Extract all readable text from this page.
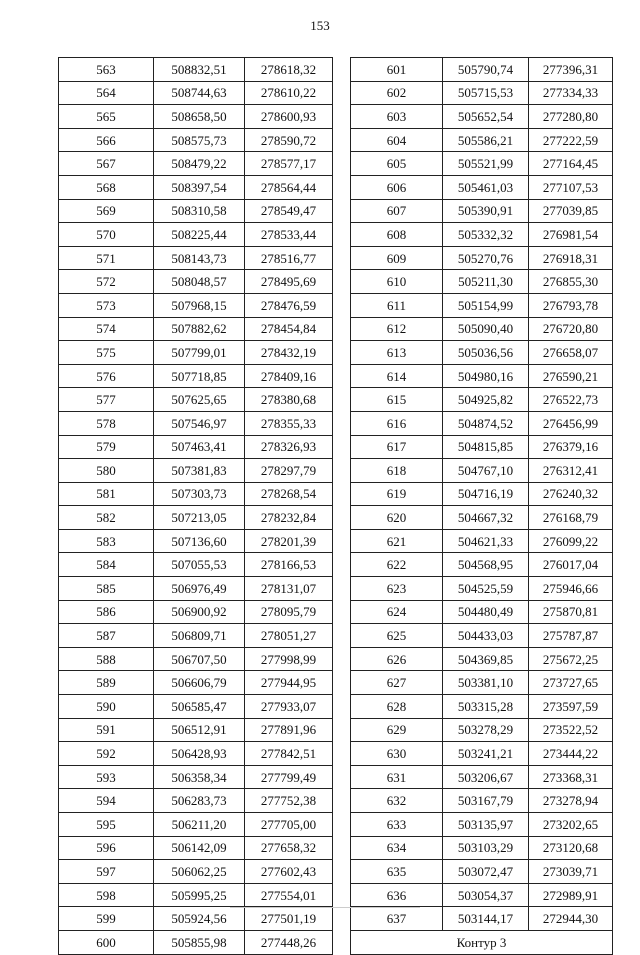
153
563	508832,51	278618,32
564	508744,63	278610,22
565	508658,50	278600,93
566	508575,73	278590,72
567	508479,22	278577,17
568	508397,54	278564,44
569	508310,58	278549,47
570	508225,44	278533,44
571	508143,73	278516,77
572	508048,57	278495,69
573	507968,15	278476,59
574	507882,62	278454,84
575	507799,01	278432,19
576	507718,85	278409,16
577	507625,65	278380,68
578	507546,97	278355,33
579	507463,41	278326,93
580	507381,83	278297,79
581	507303,73	278268,54
582	507213,05	278232,84
583	507136,60	278201,39
584	507055,53	278166,53
585	506976,49	278131,07
586	506900,92	278095,79
587	506809,71	278051,27
588	506707,50	277998,99
589	506606,79	277944,95
590	506585,47	277933,07
591	506512,91	277891,96
592	506428,93	277842,51
593	506358,34	277799,49
594	506283,73	277752,38
595	506211,20	277705,00
596	506142,09	277658,32
597	506062,25	277602,43
598	505995,25	277554,01
599	505924,56	277501,19
600	505855,98	277448,26
601	505790,74	277396,31
602	505715,53	277334,33
603	505652,54	277280,80
604	505586,21	277222,59
605	505521,99	277164,45
606	505461,03	277107,53
607	505390,91	277039,85
608	505332,32	276981,54
609	505270,76	276918,31
610	505211,30	276855,30
611	505154,99	276793,78
612	505090,40	276720,80
613	505036,56	276658,07
614	504980,16	276590,21
615	504925,82	276522,73
616	504874,52	276456,99
617	504815,85	276379,16
618	504767,10	276312,41
619	504716,19	276240,32
620	504667,32	276168,79
621	504621,33	276099,22
622	504568,95	276017,04
623	504525,59	275946,66
624	504480,49	275870,81
625	504433,03	275787,87
626	504369,85	275672,25
627	503381,10	273727,65
628	503315,28	273597,59
629	503278,29	273522,52
630	503241,21	273444,22
631	503206,67	273368,31
632	503167,79	273278,94
633	503135,97	273202,65
634	503103,29	273120,68
635	503072,47	273039,71
636	503054,37	272989,91
637	503144,17	272944,30
Контур 3		
